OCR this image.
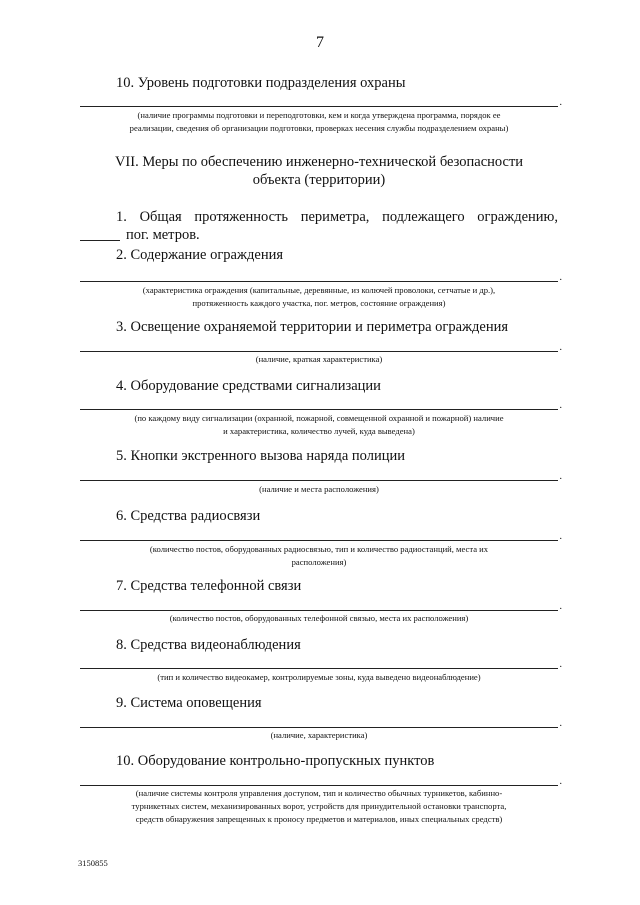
7
10. Уровень подготовки подразделения охраны
.
(наличие программы подготовки и переподготовки, кем и когда утверждена программа, порядок ее
реализации, сведения об организации подготовки, проверках несения службы подразделением охраны)
VII. Меры по обеспечению инженерно-технической безопасности
объекта (территории)
1. Общая протяженность периметра, подлежащего ограждению,
пог. метров.
2. Содержание ограждения
.
(характеристика ограждения (капитальные, деревянные, из колючей проволоки, сетчатые и др.),
протяженность каждого участка, пог. метров, состояние ограждения)
3. Освещение охраняемой территории и периметра ограждения
.
(наличие, краткая характеристика)
4. Оборудование средствами сигнализации
.
(по каждому виду сигнализации (охранной, пожарной, совмещенной охранной и пожарной) наличие
и характеристика, количество лучей, куда выведена)
5. Кнопки экстренного вызова наряда полиции
.
(наличие и места расположения)
6. Средства радиосвязи
.
(количество постов, оборудованных радиосвязью, тип и количество радиостанций, места их
расположения)
7. Средства телефонной связи
.
(количество постов, оборудованных телефонной связью, места их расположения)
8. Средства видеонаблюдения
.
(тип и количество видеокамер, контролируемые зоны, куда выведено видеонаблюдение)
9. Система оповещения
.
(наличие, характеристика)
10. Оборудование контрольно-пропускных пунктов
.
(наличие системы контроля управления доступом, тип и количество обычных турникетов, кабинно-
турникетных систем, механизированных ворот, устройств для принудительной остановки транспорта,
средств обнаружения запрещенных к проносу предметов и материалов, иных специальных средств)
3150855
